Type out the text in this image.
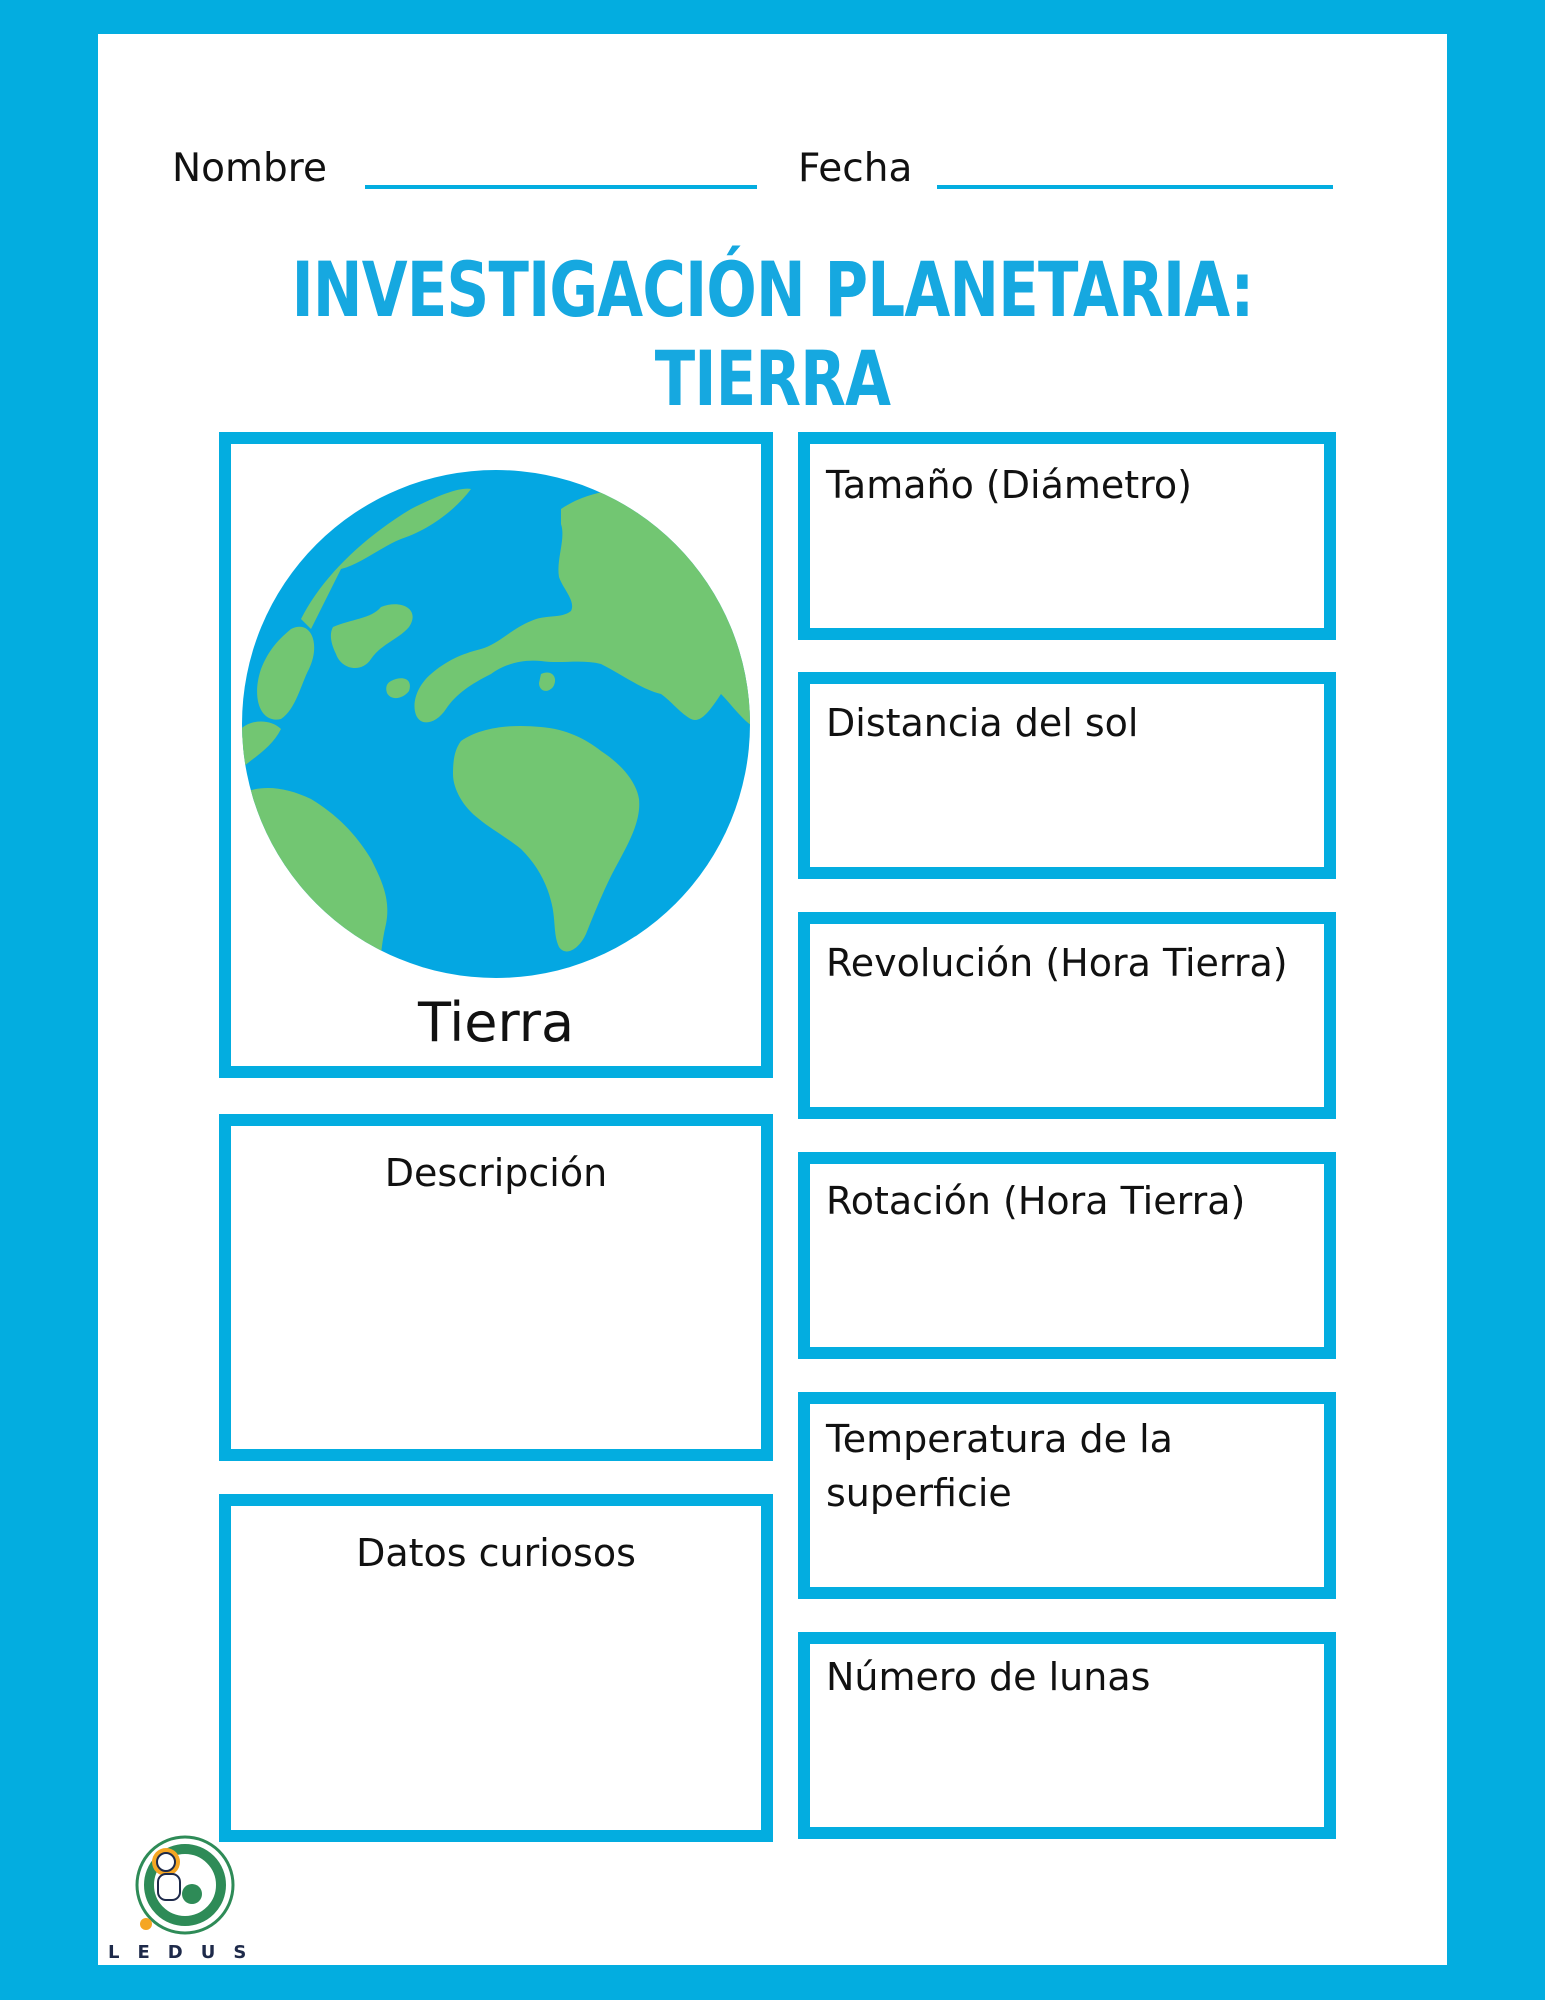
Nombre	Fecha
INVESTIGACIÓN PLANETARIA: TIERRA
Tierra
Descripción
Datos curiosos
Tamaño (Diámetro)
Distancia del sol
Revolución (Hora Tierra)
Rotación (Hora Tierra)
Temperatura de la superficie
Número de lunas
LEDUS
